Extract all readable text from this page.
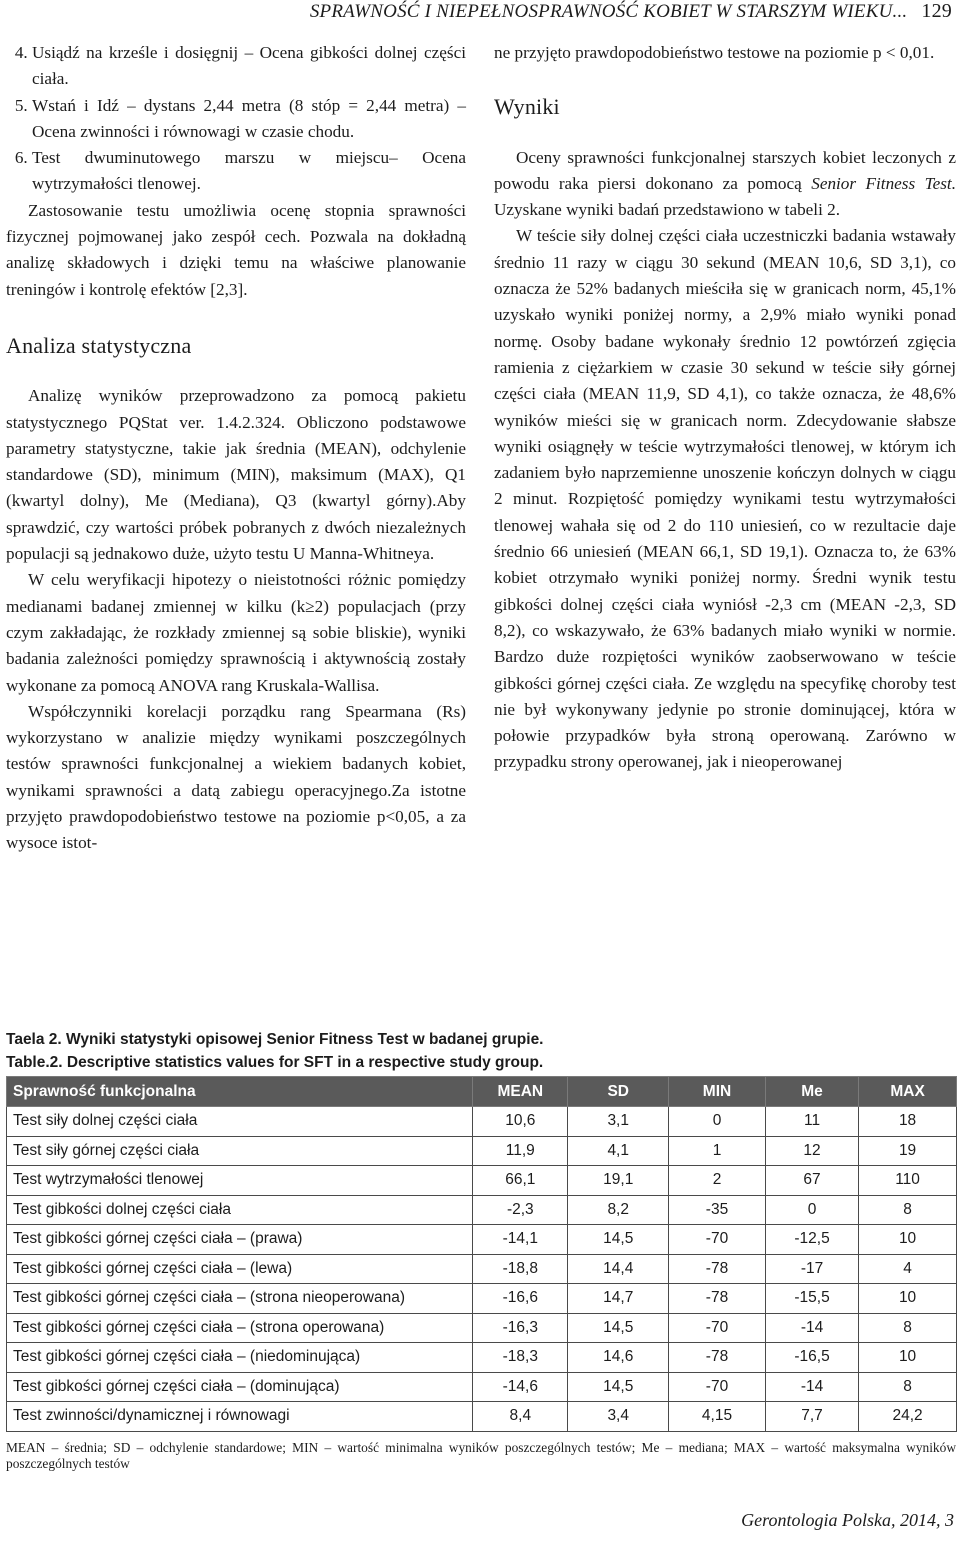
SPRAWNOŚĆ I NIEPEŁNOSPRAWNOŚĆ KOBIET W STARSZYM WIEKU... 129
4. Usiądź na krześle i dosięgnij – Ocena gibkości dolnej części ciała.
5. Wstań i Idź – dystans 2,44 metra (8 stóp = 2,44 metra) – Ocena zwinności i równowagi w czasie chodu.
6. Test dwuminutowego marszu w miejscu– Ocena wytrzymałości tlenowej.

Zastosowanie testu umożliwia ocenę stopnia sprawności fizycznej pojmowanej jako zespół cech. Pozwala na dokładną analizę składowych i dzięki temu na właściwe planowanie treningów i kontrolę efektów [2,3].

Analiza statystyczna

Analizę wyników przeprowadzono za pomocą pakietu statystycznego PQStat ver. 1.4.2.324. Obliczono podstawowe parametry statystyczne, takie jak średnia (MEAN), odchylenie standardowe (SD), minimum (MIN), maksimum (MAX), Q1 (kwartyl dolny), Me (Mediana), Q3 (kwartyl górny).Aby sprawdzić, czy wartości próbek pobranych z dwóch niezależnych populacji są jednakowo duże, użyto testu U Manna-Whitneya.

W celu weryfikacji hipotezy o nieistotności różnic pomiędzy medianami badanej zmiennej w kilku (k≥2) populacjach (przy czym zakładając, że rozkłady zmiennej są sobie bliskie), wyniki badania zależności pomiędzy sprawnością i aktywnością zostały wykonane za pomocą ANOVA rang Kruskala-Wallisa.

Współczynniki korelacji porządku rang Spearmana (Rs) wykorzystano w analizie między wynikami poszczególnych testów sprawności funkcjonalnej a wiekiem badanych kobiet, wynikami sprawności a datą zabiegu operacyjnego.Za istotne przyjęto prawdopodobieństwo testowe na poziomie p<0,05, a za wysoce istot-

ne przyjęto prawdopodobieństwo testowe na poziomie p < 0,01.

Wyniki

Oceny sprawności funkcjonalnej starszych kobiet leczonych z powodu raka piersi dokonano za pomocą Senior Fitness Test. Uzyskane wyniki badań przedstawiono w tabeli 2.

W teście siły dolnej części ciała uczestniczki badania wstawały średnio 11 razy w ciągu 30 sekund (MEAN 10,6, SD 3,1), co oznacza że 52% badanych mieściła się w granicach norm, 45,1% uzyskało wyniki poniżej normy, a 2,9% miało wyniki ponad normę. Osoby badane wykonały średnio 12 powtórzeń zgięcia ramienia z ciężarkiem w czasie 30 sekund w teście siły górnej części ciała (MEAN 11,9, SD 4,1), co także oznacza, że 48,6% wyników mieści się w granicach norm. Zdecydowanie słabsze wyniki osiągnęły w teście wytrzymałości tlenowej, w którym ich zadaniem było naprzemienne unoszenie kończyn dolnych w ciągu 2 minut. Rozpiętość pomiędzy wynikami testu wytrzymałości tlenowej wahała się od 2 do 110 uniesień, co w rezultacie daje średnio 66 uniesień (MEAN 66,1, SD 19,1). Oznacza to, że 63% kobiet otrzymało wyniki poniżej normy. Średni wynik testu gibkości dolnej części ciała wyniósł -2,3 cm (MEAN -2,3, SD 8,2), co wskazywało, że 63% badanych miało wyniki w normie. Bardzo duże rozpiętości wyników zaobserwowano w teście gibkości górnej części ciała. Ze względu na specyfikę choroby test nie był wykonywany jedynie po stronie dominującej, która w połowie przypadków była stroną operowaną. Zarówno w przypadku strony operowanej, jak i nieoperowanej

Taela 2. Wyniki statystyki opisowej Senior Fitness Test w badanej grupie.
Table.2. Descriptive statistics values for SFT in a respective study group.
Sprawność funkcjonalna	MEAN	SD	MIN	Me	MAX
Test siły dolnej części ciała	10,6	3,1	0	11	18
Test siły górnej części ciała	11,9	4,1	1	12	19
Test wytrzymałości tlenowej	66,1	19,1	2	67	110
Test gibkości dolnej części ciała	-2,3	8,2	-35	0	8
Test gibkości górnej części ciała – (prawa)	-14,1	14,5	-70	-12,5	10
Test gibkości górnej części ciała – (lewa)	-18,8	14,4	-78	-17	4
Test gibkości górnej części ciała – (strona nieoperowana)	-16,6	14,7	-78	-15,5	10
Test gibkości górnej części ciała – (strona operowana)	-16,3	14,5	-70	-14	8
Test gibkości górnej części ciała – (niedominująca)	-18,3	14,6	-78	-16,5	10
Test gibkości górnej części ciała – (dominująca)	-14,6	14,5	-70	-14	8
Test zwinności/dynamicznej i równowagi	8,4	3,4	4,15	7,7	24,2
MEAN – średnia; SD – odchylenie standardowe; MIN – wartość minimalna wyników poszczególnych testów; Me – mediana; MAX – wartość maksymalna wyników poszczególnych testów
Gerontologia Polska, 2014, 3
